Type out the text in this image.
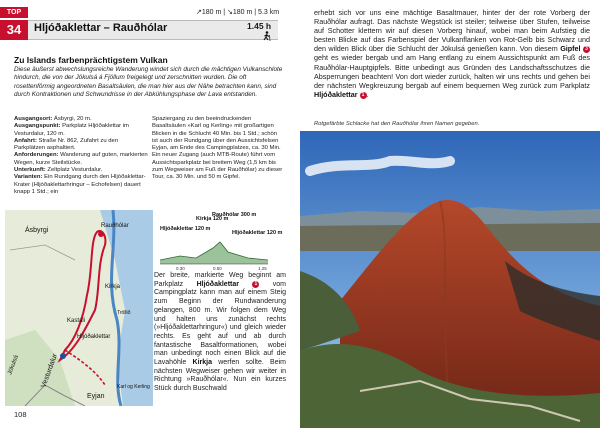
TOP	↗180 m | ↘180 m | 5.3 km
34	Hljóðaklettar – Rauðhólar	1.45 h
Zu Islands farbenprächtigstem Vulkan
Diese äußerst abwechslungsreiche Wanderung windet sich durch die mächtigen Vulkanschlote hindurch, die von der Jökulsá á Fjöllum freigelegt und zerschnitten wurden. Die oft rosettenförmig angeordneten Basaltsäulen, die man hier aus der Nähe betrachten kann, sind durch Kontraktionen und Schwundrisse in der Abkühlungsphase der Lava entstanden.
Ausgangsort: Ásbyrgi, 20 m.
Ausgangspunkt: Parkplatz Hljóðaklettar im Vesturdalur, 120 m.
Anfahrt: Straße Nr. 862, Zufahrt zu den Parkplätzen asphaltiert.
Anforderungen: Wanderung auf guten, markierten Wegen, kurze Steilstücke.
Unterkunft: Zeltplatz Vesturdalur.
Varianten: Ein Rundgang durch den Hljóðaklettar-Krater (Hljóðaklettarhringur – Echofelsen) dauert knapp 1 Std.; ein
Spaziergang zu den beeindruckenden Basaltsäulen »Karl og Kerling« mit großartigen Blicken in die Schlucht 40 Min. bis 1 Std.; schön ist auch der Rundgang über den Aussichtsfelsen Eyjan, am Ende des Campingplatzes, ca. 30 Min. Ein neuer Zugang (auch MTB-Route) führt vom Aussichtsparkplatz bei breitem Weg (1,5 km bis zum Wegweiser am Fuß der Rauðhólar) zu dieser Tour, ca. 30 Min. und 50 m Gipfel.
Ásbyrgi
Kirkja
Rauðhólar
Hljóðaklettar
Kastali
Eyjan
Karl og Kerling
Vesturdalur
Jökulsá
Tröllið
Kirkja 120 m
Rauðhólar 300 m
Hljóðaklettar 120 m
Hljóðaklettar 120 m
0.30	0.50	1.25
Der breite, markierte Weg beginnt am Parkplatz Hljóðaklettar	1 vom Campingplatz kann man auf einem Steig zum Beginn der Rundwanderung gelangen, 800 m. Wir folgen dem Weg und halten uns zunächst rechts (»Hljóðaklettarhringur«) und gleich wieder rechts. Es geht auf und ab durch fantastische Basaltformationen, wobei man unbedingt noch einen Blick auf die Lavahöhle Kirkja werfen sollte. Beim nächsten Wegweiser gehen wir weiter in Richtung »Rauðhólar«. Nun ein kurzes Stück durch Buschwald
108
erhebt sich vor uns eine mächtige Basaltmauer, hinter der der rote Vorberg der Rauðhólar aufragt. Das nächste Wegstück ist steiler; teilweise über Stufen, teilweise auf Schotter klettern wir auf diesen Vorberg hinauf, wobei man beim Aufstieg die besten Blicke auf das Farbenspiel der Vulkanflanken von Rot-Gelb bis Schwarz und den wilden Blick über die Schlucht der Jökulsá genießen kann. Von diesem Gipfel 3 geht es wieder bergab und am Hang entlang zu einem Aussichtspunkt am Fuß des Rauðhólar-Hauptgipfels. Bitte unbedingt aus Gründen des Landschaftsschutzes die Absperrungen beachten! Von dort wieder zurück, halten wir uns rechts und gehen bei der nächsten Wegkreuzung bergab auf einem bequemen Weg zurück zum Parkplatz Hljóðaklettar 1 .
Rotgefärbte Schlacke hat den Rauðhólar ihren Namen gegeben.
